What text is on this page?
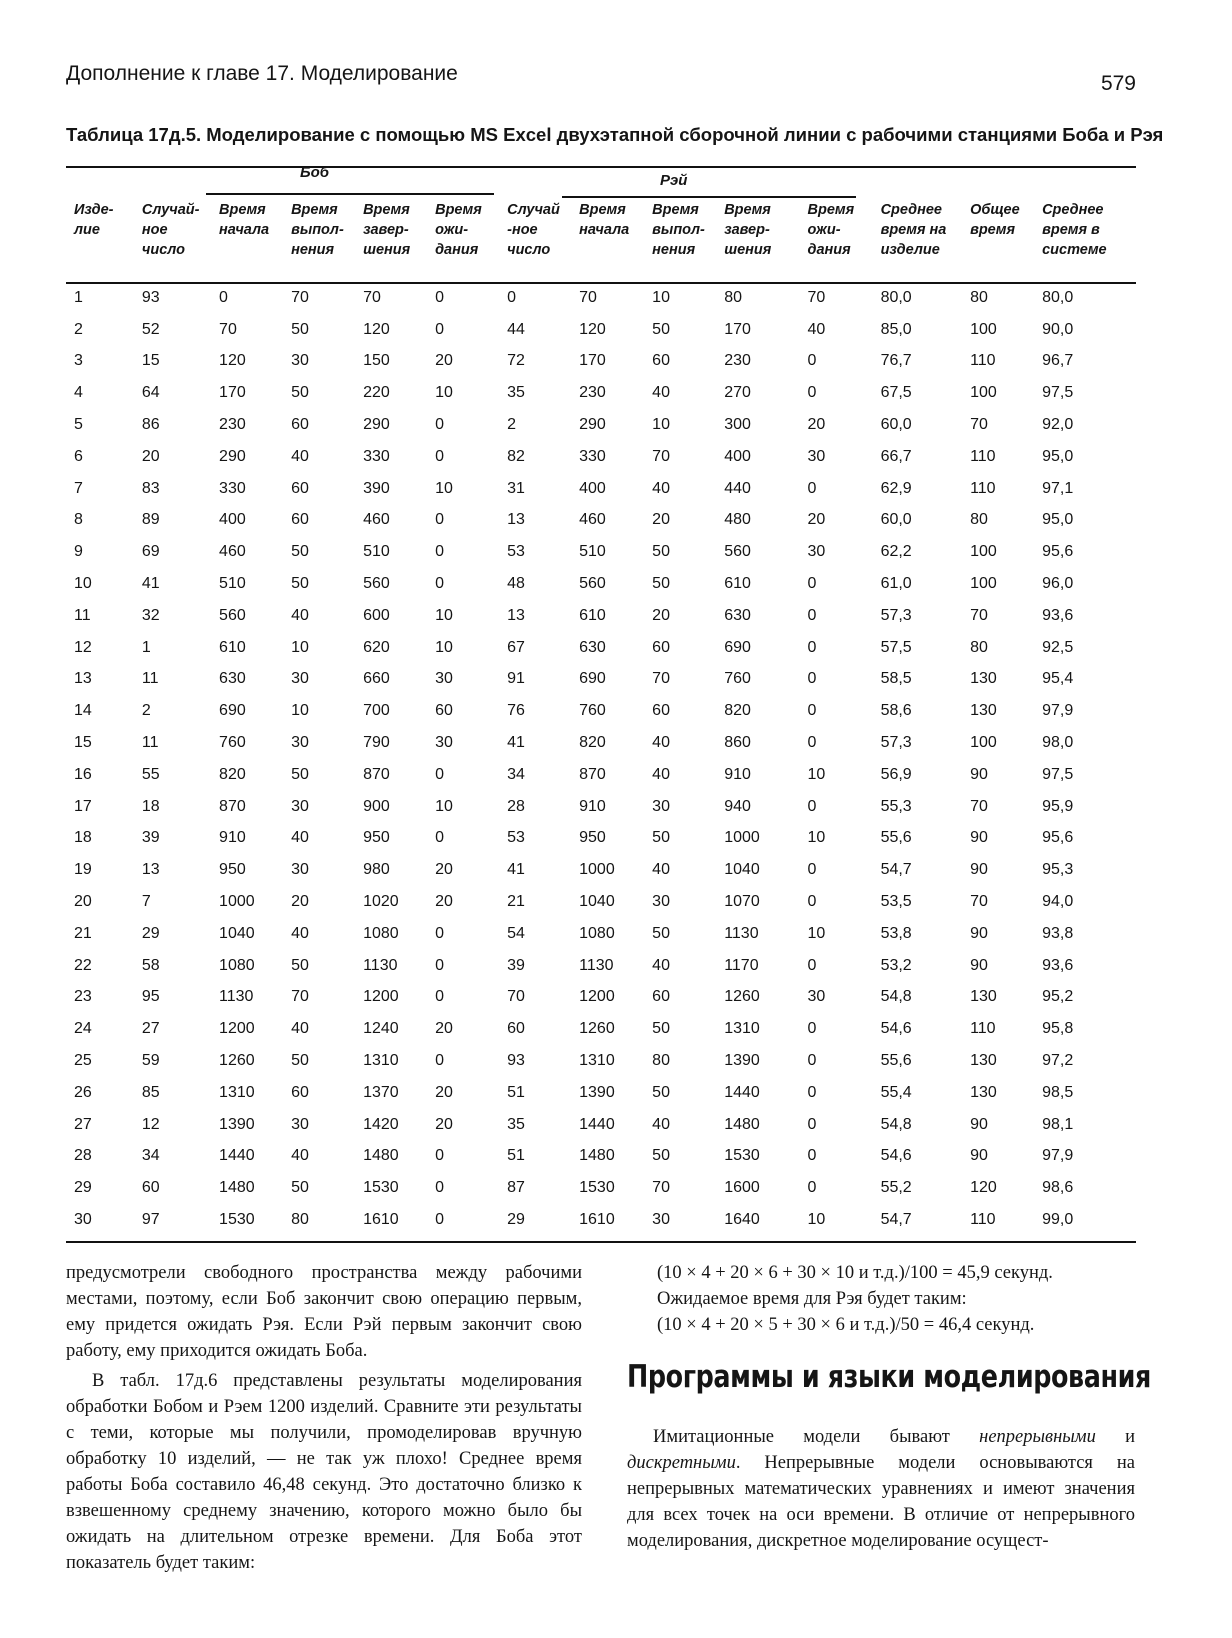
Дополнение к главе 17. Моделирование	579
Таблица 17д.5. Моделирование с помощью MS Excel двухэтапной сборочной линии с рабочими станциями Боба и Рэя
Боб	Рэй
Изде-лие	Случай-ное число	Время начала	Время выпол-нения	Время завер-шения	Время ожи-дания	Случай -ное число	Время начала	Время выпол-нения	Время завер-шения	Время ожи-дания	Среднее время на изделие	Общее время	Среднее время в системе
1	93	0	70	70	0	0	70	10	80	70	80,0	80	80,0
2	52	70	50	120	0	44	120	50	170	40	85,0	100	90,0
3	15	120	30	150	20	72	170	60	230	0	76,7	110	96,7
4	64	170	50	220	10	35	230	40	270	0	67,5	100	97,5
5	86	230	60	290	0	2	290	10	300	20	60,0	70	92,0
6	20	290	40	330	0	82	330	70	400	30	66,7	110	95,0
7	83	330	60	390	10	31	400	40	440	0	62,9	110	97,1
8	89	400	60	460	0	13	460	20	480	20	60,0	80	95,0
9	69	460	50	510	0	53	510	50	560	30	62,2	100	95,6
10	41	510	50	560	0	48	560	50	610	0	61,0	100	96,0
11	32	560	40	600	10	13	610	20	630	0	57,3	70	93,6
12	1	610	10	620	10	67	630	60	690	0	57,5	80	92,5
13	11	630	30	660	30	91	690	70	760	0	58,5	130	95,4
14	2	690	10	700	60	76	760	60	820	0	58,6	130	97,9
15	11	760	30	790	30	41	820	40	860	0	57,3	100	98,0
16	55	820	50	870	0	34	870	40	910	10	56,9	90	97,5
17	18	870	30	900	10	28	910	30	940	0	55,3	70	95,9
18	39	910	40	950	0	53	950	50	1000	10	55,6	90	95,6
19	13	950	30	980	20	41	1000	40	1040	0	54,7	90	95,3
20	7	1000	20	1020	20	21	1040	30	1070	0	53,5	70	94,0
21	29	1040	40	1080	0	54	1080	50	1130	10	53,8	90	93,8
22	58	1080	50	1130	0	39	1130	40	1170	0	53,2	90	93,6
23	95	1130	70	1200	0	70	1200	60	1260	30	54,8	130	95,2
24	27	1200	40	1240	20	60	1260	50	1310	0	54,6	110	95,8
25	59	1260	50	1310	0	93	1310	80	1390	0	55,6	130	97,2
26	85	1310	60	1370	20	51	1390	50	1440	0	55,4	130	98,5
27	12	1390	30	1420	20	35	1440	40	1480	0	54,8	90	98,1
28	34	1440	40	1480	0	51	1480	50	1530	0	54,6	90	97,9
29	60	1480	50	1530	0	87	1530	70	1600	0	55,2	120	98,6
30	97	1530	80	1610	0	29	1610	30	1640	10	54,7	110	99,0

предусмотрели свободного пространства между рабочими местами, поэтому, если Боб закончит свою операцию первым, ему придется ожидать Рэя. Если Рэй первым закончит свою работу, ему приходится ожидать Боба.

В табл. 17д.6 представлены результаты моделирования обработки Бобом и Рэем 1200 изделий. Сравните эти результаты с теми, которые мы получили, промоделировав вручную обработку 10 изделий, — не так уж плохо! Среднее время работы Боба составило 46,48 секунд. Это достаточно близко к взвешенному среднему значению, которого можно было бы ожидать на длительном отрезке времени. Для Боба этот показатель будет таким:

(10 × 4 + 20 × 6 + 30 × 10 и т.д.)/100 = 45,9 секунд.

Ожидаемое время для Рэя будет таким:

(10 × 4 + 20 × 5 + 30 × 6 и т.д.)/50 = 46,4 секунд.

Программы и языки моделирования

Имитационные модели бывают непрерывными и дискретными. Непрерывные модели основываются на непрерывных математических уравнениях и имеют значения для всех точек на оси времени. В отличие от непрерывного моделирования, дискретное моделирование осущест-
